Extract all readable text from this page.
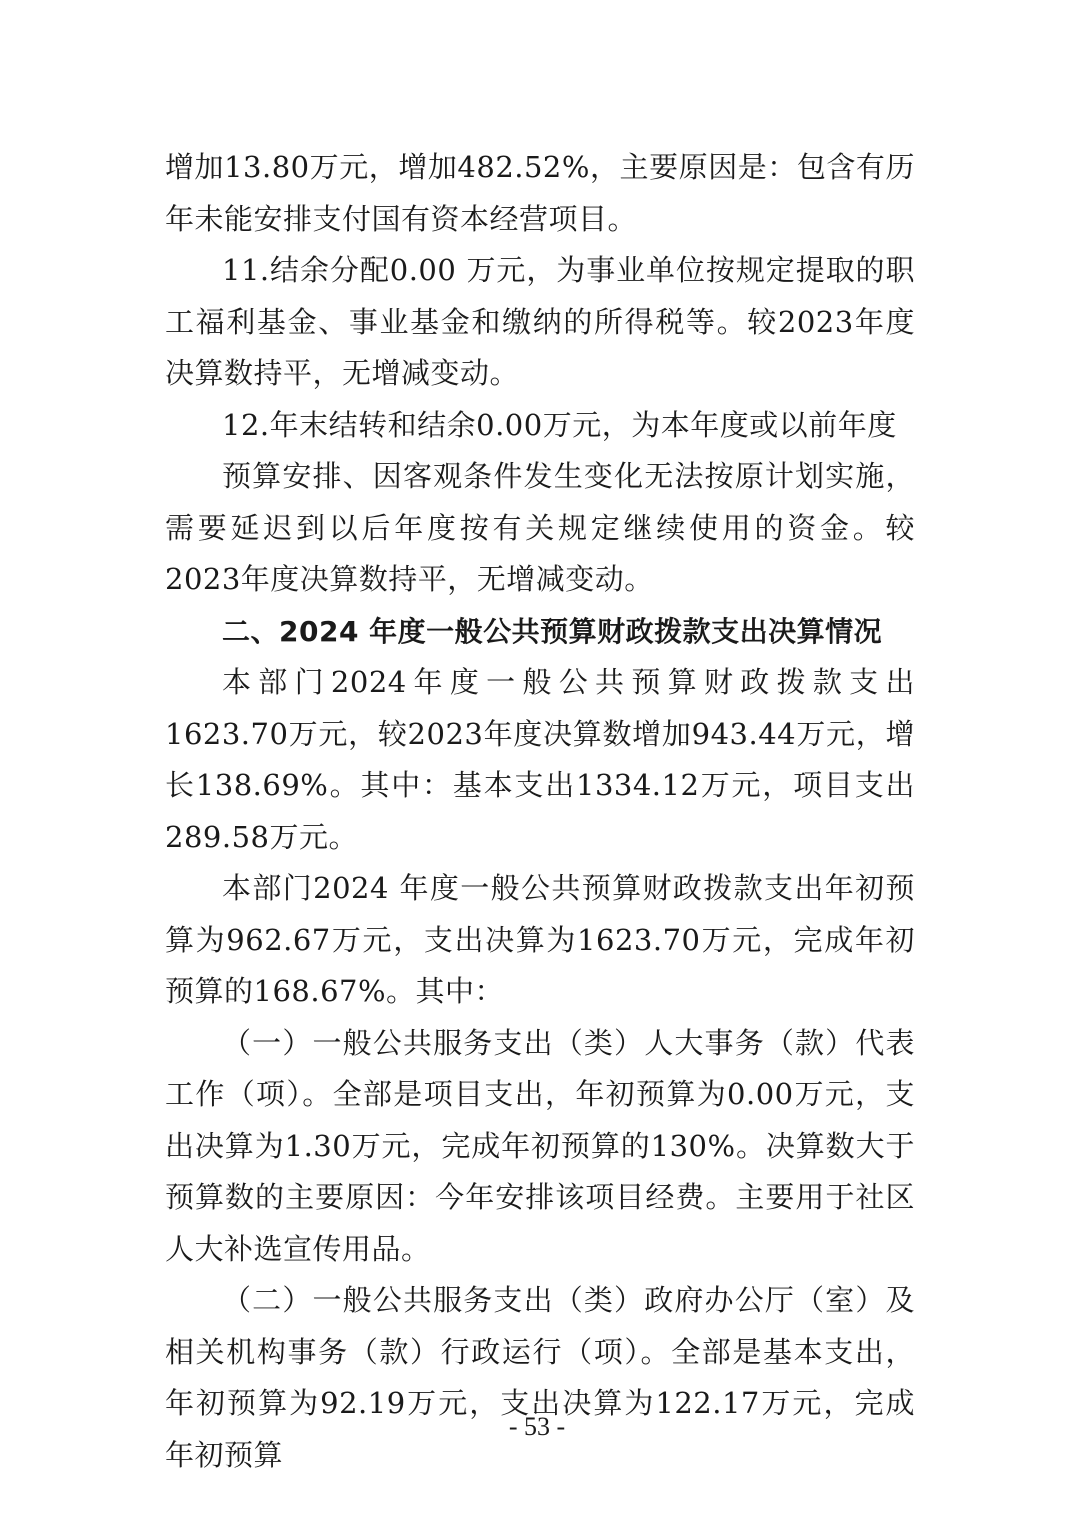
增加13.80万元，增加482.52%，主要原因是：包含有历年未能安排支付国有资本经营项目。

11.结余分配0.00 万元，为事业单位按规定提取的职工福利基金、事业基金和缴纳的所得税等。较2023年度决算数持平，无增减变动。

12.年末结转和结余0.00万元，为本年度或以前年度

预算安排、因客观条件发生变化无法按原计划实施，需要延迟到以后年度按有关规定继续使用的资金。较2023年度决算数持平，无增减变动。

二、2024 年度一般公共预算财政拨款支出决算情况

本部门2024年度一般公共预算财政拨款支出1623.70万元，较2023年度决算数增加943.44万元，增长138.69%。其中：基本支出1334.12万元，项目支出289.58万元。

本部门2024 年度一般公共预算财政拨款支出年初预算为962.67万元，支出决算为1623.70万元，完成年初预算的168.67%。其中：

（一）一般公共服务支出（类）人大事务（款）代表工作（项）。全部是项目支出，年初预算为0.00万元，支出决算为1.30万元，完成年初预算的130%。决算数大于预算数的主要原因：今年安排该项目经费。主要用于社区人大补选宣传用品。

（二）一般公共服务支出（类）政府办公厅（室）及相关机构事务（款）行政运行（项）。全部是基本支出，年初预算为92.19万元，支出决算为122.17万元，完成年初预算

- 53 -
